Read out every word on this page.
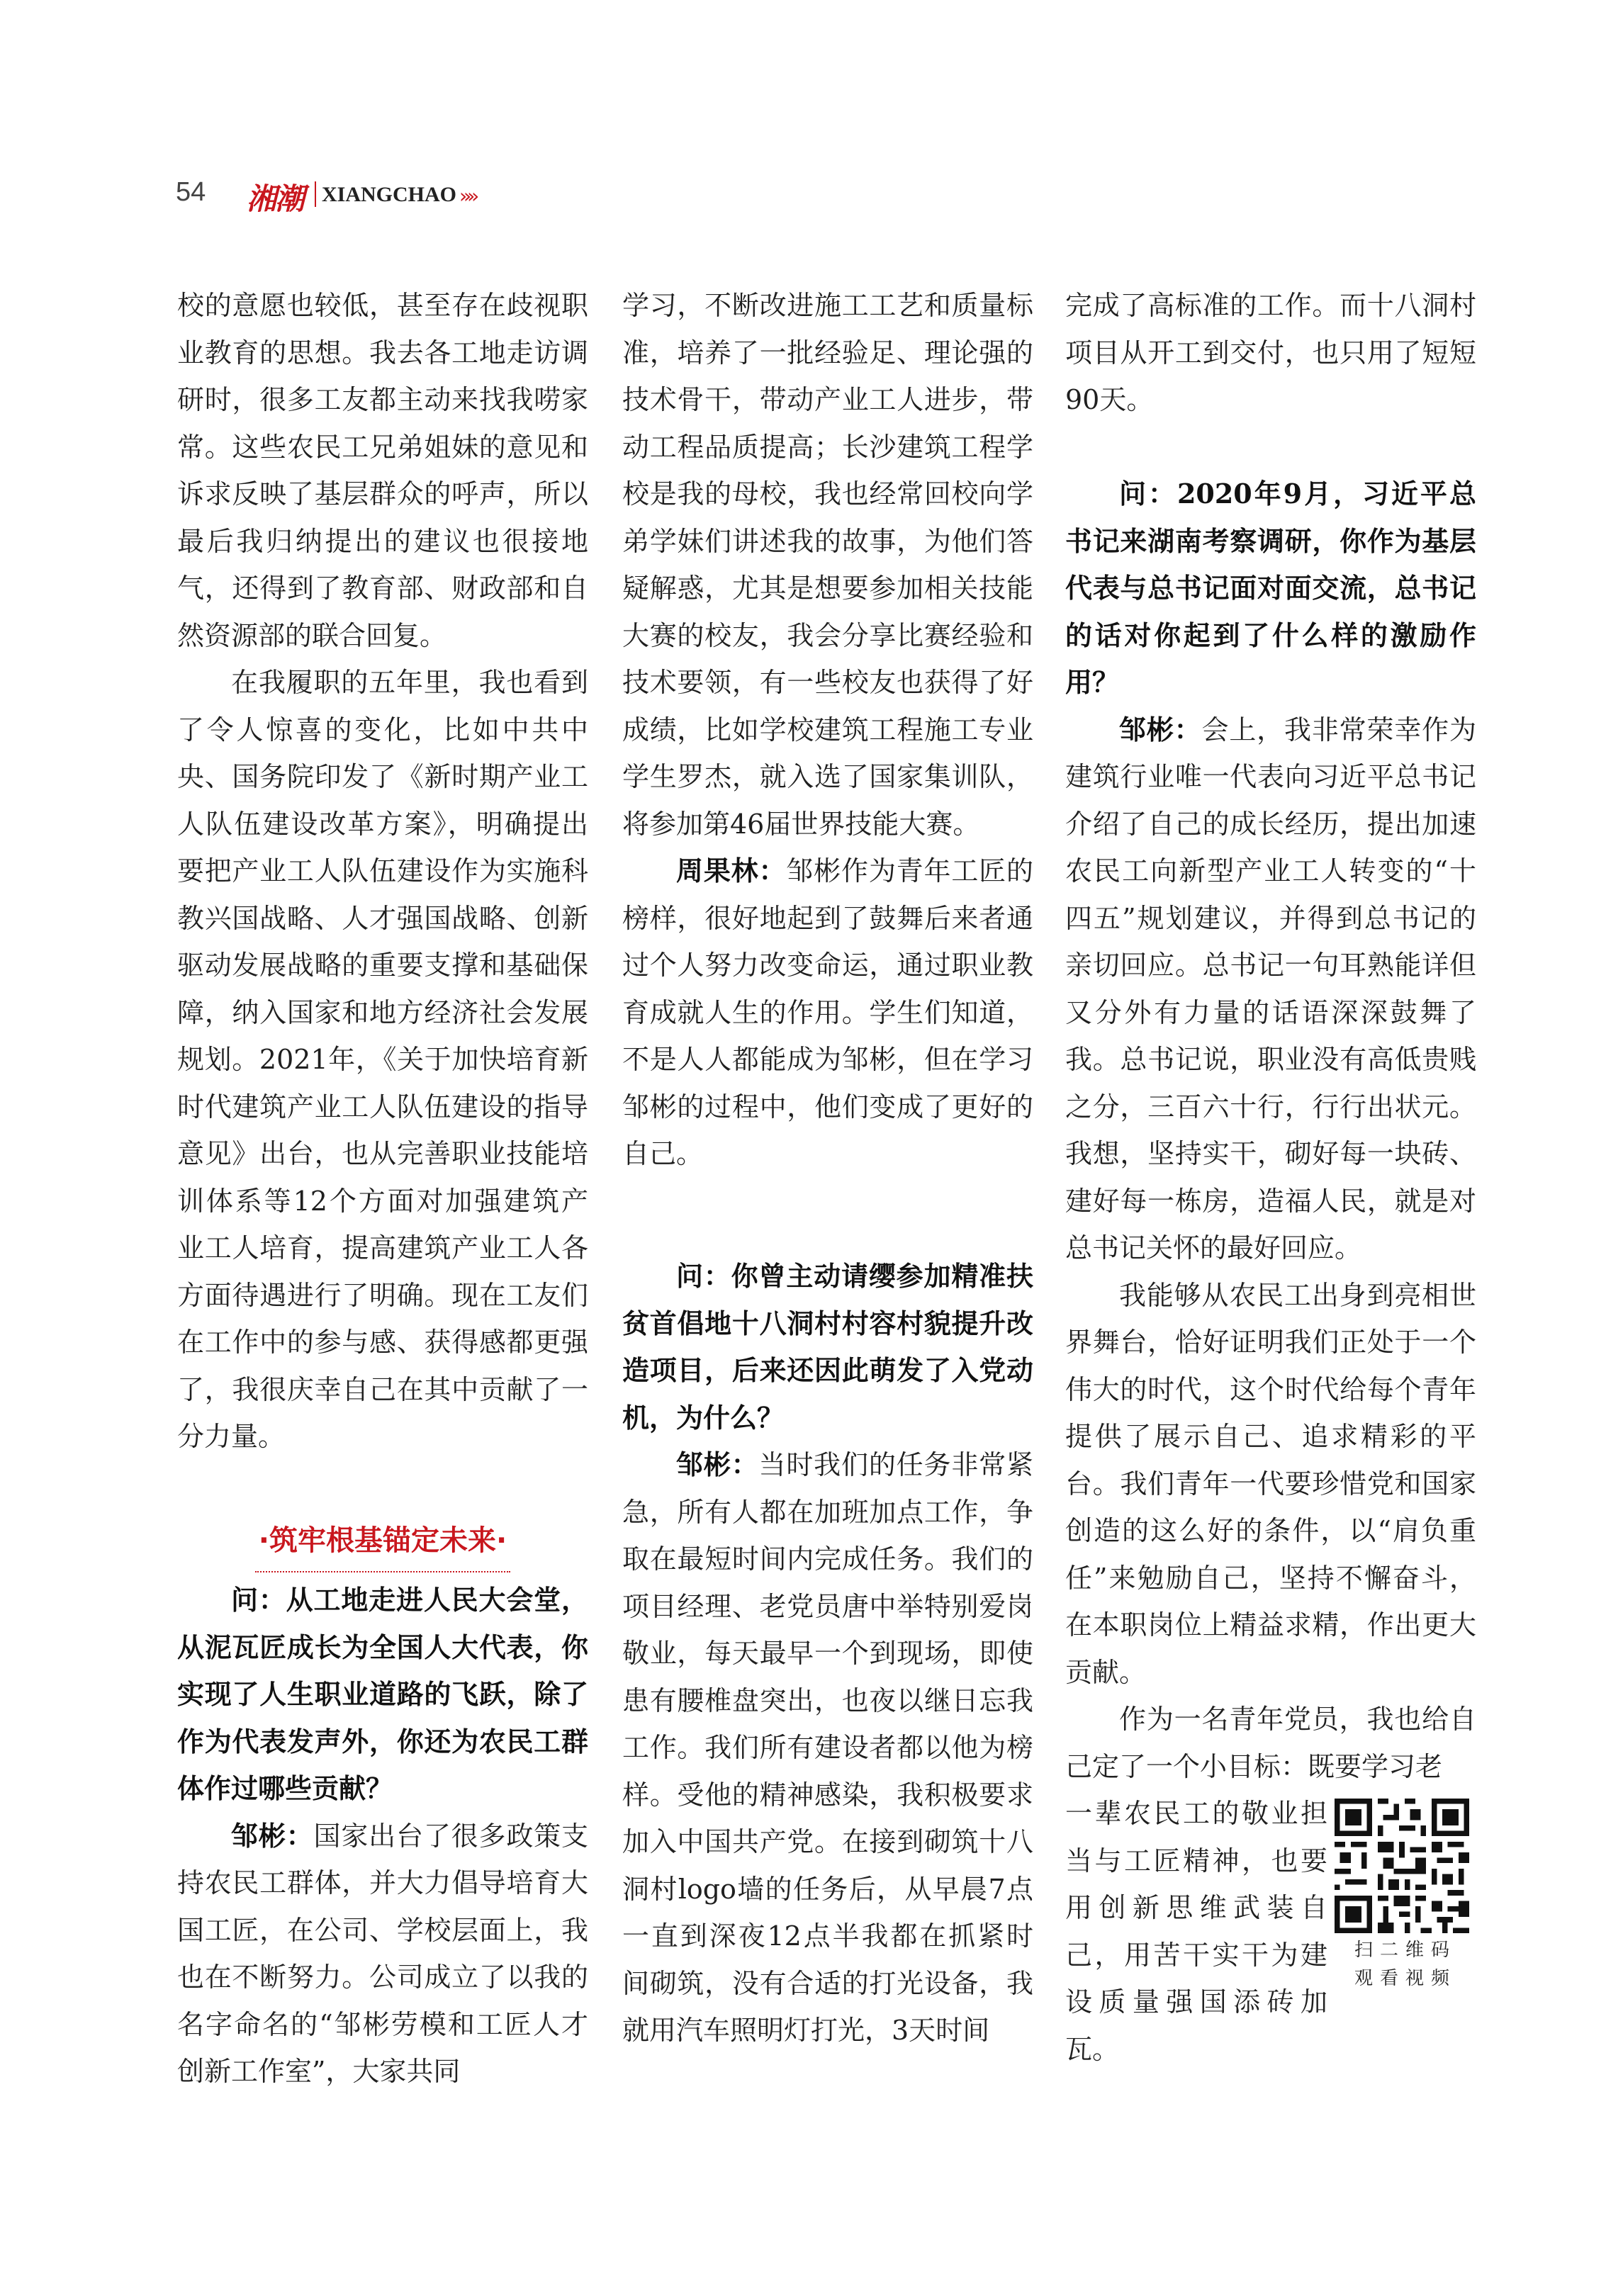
54 湘潮 XIANGCHAO »»

校的意愿也较低，甚至存在歧视职业教育的思想。我去各工地走访调研时，很多工友都主动来找我唠家常。这些农民工兄弟姐妹的意见和诉求反映了基层群众的呼声，所以最后我归纳提出的建议也很接地气，还得到了教育部、财政部和自然资源部的联合回复。

在我履职的五年里，我也看到了令人惊喜的变化，比如中共中央、国务院印发了《新时期产业工人队伍建设改革方案》，明确提出要把产业工人队伍建设作为实施科教兴国战略、人才强国战略、创新驱动发展战略的重要支撑和基础保障，纳入国家和地方经济社会发展规划。2021年，《关于加快培育新时代建筑产业工人队伍建设的指导意见》出台，也从完善职业技能培训体系等12个方面对加强建筑产业工人培育，提高建筑产业工人各方面待遇进行了明确。现在工友们在工作中的参与感、获得感都更强了，我很庆幸自己在其中贡献了一分力量。

·筑牢根基锚定未来·

问：从工地走进人民大会堂，从泥瓦匠成长为全国人大代表，你实现了人生职业道路的飞跃，除了作为代表发声外，你还为农民工群体作过哪些贡献？

邹彬：国家出台了很多政策支持农民工群体，并大力倡导培育大国工匠，在公司、学校层面上，我也在不断努力。公司成立了以我的名字命名的“邹彬劳模和工匠人才创新工作室”，大家共同

学习，不断改进施工工艺和质量标准，培养了一批经验足、理论强的技术骨干，带动产业工人进步，带动工程品质提高；长沙建筑工程学校是我的母校，我也经常回校向学弟学妹们讲述我的故事，为他们答疑解惑，尤其是想要参加相关技能大赛的校友，我会分享比赛经验和技术要领，有一些校友也获得了好成绩，比如学校建筑工程施工专业学生罗杰，就入选了国家集训队，将参加第46届世界技能大赛。

周果林：邹彬作为青年工匠的榜样，很好地起到了鼓舞后来者通过个人努力改变命运，通过职业教育成就人生的作用。学生们知道，不是人人都能成为邹彬，但在学习邹彬的过程中，他们变成了更好的自己。

问：你曾主动请缨参加精准扶贫首倡地十八洞村村容村貌提升改造项目，后来还因此萌发了入党动机，为什么？

邹彬：当时我们的任务非常紧急，所有人都在加班加点工作，争取在最短时间内完成任务。我们的项目经理、老党员唐中举特别爱岗敬业，每天最早一个到现场，即使患有腰椎盘突出，也夜以继日忘我工作。我们所有建设者都以他为榜样。受他的精神感染，我积极要求加入中国共产党。在接到砌筑十八洞村logo墙的任务后，从早晨7点一直到深夜12点半我都在抓紧时间砌筑，没有合适的打光设备，我就用汽车照明灯打光，3天时间

完成了高标准的工作。而十八洞村项目从开工到交付，也只用了短短90天。

问：2020年9月，习近平总书记来湖南考察调研，你作为基层代表与总书记面对面交流，总书记的话对你起到了什么样的激励作用？

邹彬：会上，我非常荣幸作为建筑行业唯一代表向习近平总书记介绍了自己的成长经历，提出加速农民工向新型产业工人转变的“十四五”规划建议，并得到总书记的亲切回应。总书记一句耳熟能详但又分外有力量的话语深深鼓舞了我。总书记说，职业没有高低贵贱之分，三百六十行，行行出状元。我想，坚持实干，砌好每一块砖、建好每一栋房，造福人民，就是对总书记关怀的最好回应。

我能够从农民工出身到亮相世界舞台，恰好证明我们正处于一个伟大的时代，这个时代给每个青年提供了展示自己、追求精彩的平台。我们青年一代要珍惜党和国家创造的这么好的条件，以“肩负重任”来勉励自己，坚持不懈奋斗，在本职岗位上精益求精，作出更大贡献。

作为一名青年党员，我也给自己定了一个小目标：既要学习老

一辈农民工的敬业担当与工匠精神，也要用创新思维武装自己，用苦干实干为建设质量强国添砖加瓦。

扫二维码
观看视频
